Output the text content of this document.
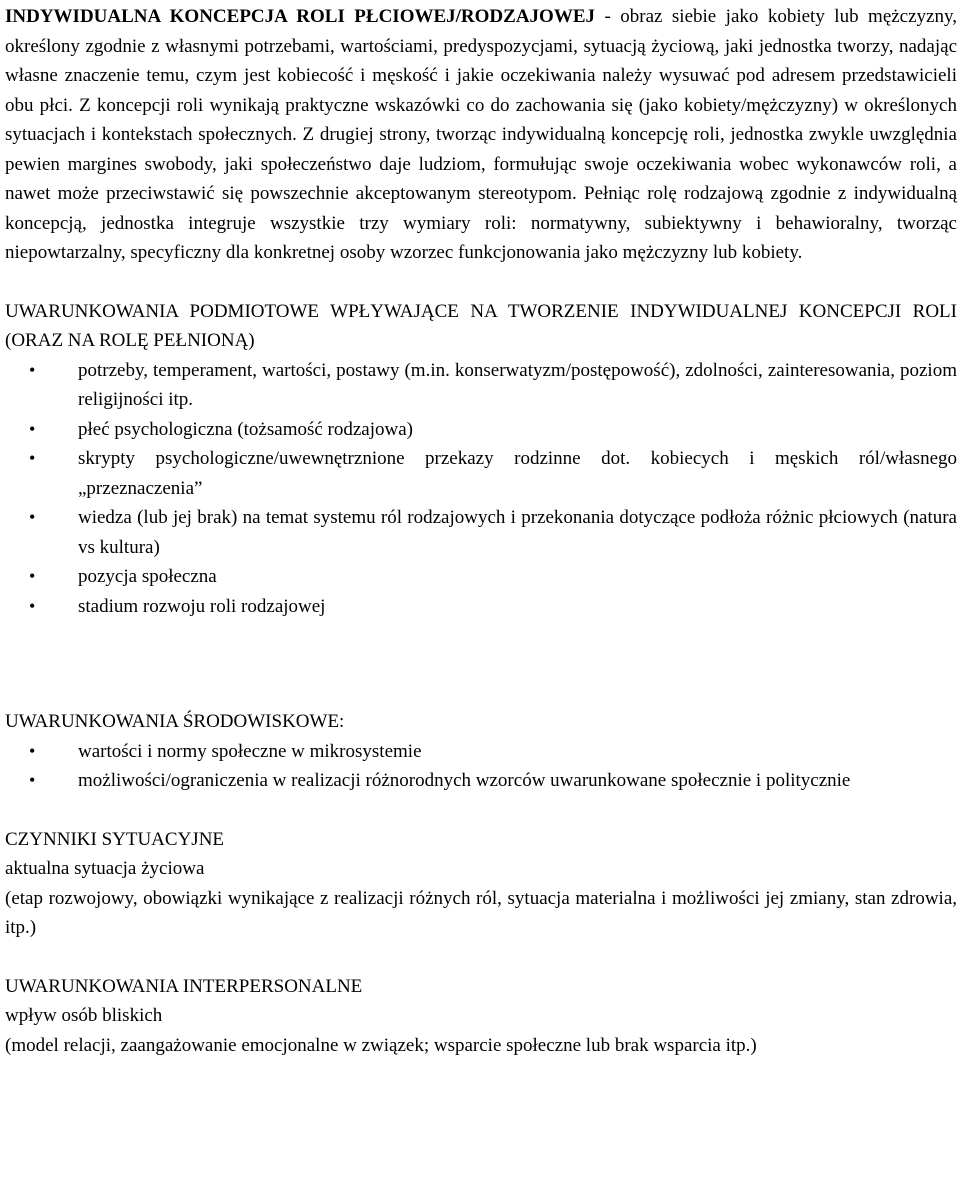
INDYWIDUALNA KONCEPCJA ROLI PŁCIOWEJ/RODZAJOWEJ - obraz siebie jako kobiety lub mężczyzny, określony zgodnie z własnymi potrzebami, wartościami, predyspozycjami, sytuacją życiową, jaki jednostka tworzy, nadając własne znaczenie temu, czym jest kobiecość i męskość i jakie oczekiwania należy wysuwać pod adresem przedstawicieli obu płci. Z koncepcji roli wynikają praktyczne wskazówki co do zachowania się (jako kobiety/mężczyzny) w określonych sytuacjach i kontekstach społecznych. Z drugiej strony, tworząc indywidualną koncepcję roli, jednostka zwykle uwzględnia pewien margines swobody, jaki społeczeństwo daje ludziom, formułując swoje oczekiwania wobec wykonawców roli, a nawet może przeciwstawić się powszechnie akceptowanym stereotypom. Pełniąc rolę rodzajową zgodnie z indywidualną koncepcją, jednostka integruje wszystkie trzy wymiary roli: normatywny, subiektywny i behawioralny, tworząc niepowtarzalny, specyficzny dla konkretnej osoby wzorzec funkcjonowania jako mężczyzny lub kobiety.

UWARUNKOWANIA PODMIOTOWE WPŁYWAJĄCE NA TWORZENIE INDYWIDUALNEJ KONCEPCJI ROLI (ORAZ NA ROLĘ PEŁNIONĄ)

• potrzeby, temperament, wartości, postawy (m.in. konserwatyzm/postępowość), zdolności, zainteresowania, poziom religijności itp.
• płeć psychologiczna (tożsamość rodzajowa)
• skrypty psychologiczne/uwewnętrznione przekazy rodzinne dot. kobiecych i męskich ról/własnego „przeznaczenia”
• wiedza (lub jej brak) na temat systemu ról rodzajowych i przekonania dotyczące podłoża różnic płciowych (natura vs kultura)
• pozycja społeczna
• stadium rozwoju roli rodzajowej

UWARUNKOWANIA ŚRODOWISKOWE:

• wartości i normy społeczne w mikrosystemie
• możliwości/ograniczenia w realizacji różnorodnych wzorców uwarunkowane społecznie i politycznie

CZYNNIKI SYTUACYJNE

aktualna sytuacja życiowa

(etap rozwojowy, obowiązki wynikające z realizacji różnych ról, sytuacja materialna i możliwości jej zmiany, stan zdrowia, itp.)

UWARUNKOWANIA INTERPERSONALNE

wpływ osób bliskich

(model relacji, zaangażowanie emocjonalne w związek; wsparcie społeczne lub brak wsparcia itp.)
